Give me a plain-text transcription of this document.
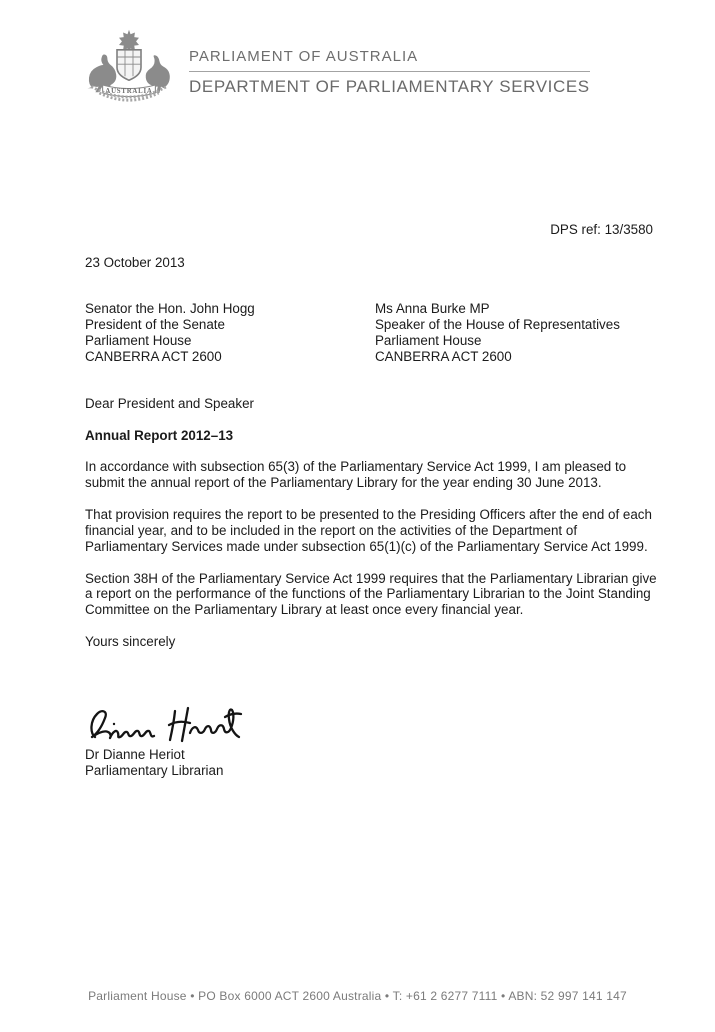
AUSTRALIA
PARLIAMENT OF AUSTRALIA
DEPARTMENT OF PARLIAMENTARY SERVICES
DPS ref: 13/3580
23 October 2013
Senator the Hon. John Hogg
President of the Senate
Parliament House
CANBERRA ACT 2600
Ms Anna Burke MP
Speaker of the House of Representatives
Parliament House
CANBERRA ACT 2600
Dear President and Speaker
Annual Report 2012–13

In accordance with subsection 65(3) of the Parliamentary Service Act 1999, I am pleased to submit the annual report of the Parliamentary Library for the year ending 30 June 2013.

That provision requires the report to be presented to the Presiding Officers after the end of each financial year, and to be included in the report on the activities of the Department of Parliamentary Services made under subsection 65(1)(c) of the Parliamentary Service Act 1999.

Section 38H of the Parliamentary Service Act 1999 requires that the Parliamentary Librarian give a report on the performance of the functions of the Parliamentary Librarian to the Joint Standing Committee on the Parliamentary Library at least once every financial year.

Yours sincerely
Dr Dianne Heriot
Parliamentary Librarian
Parliament House • PO Box 6000 ACT 2600 Australia • T: +61 2 6277 7111 • ABN: 52 997 141 147
